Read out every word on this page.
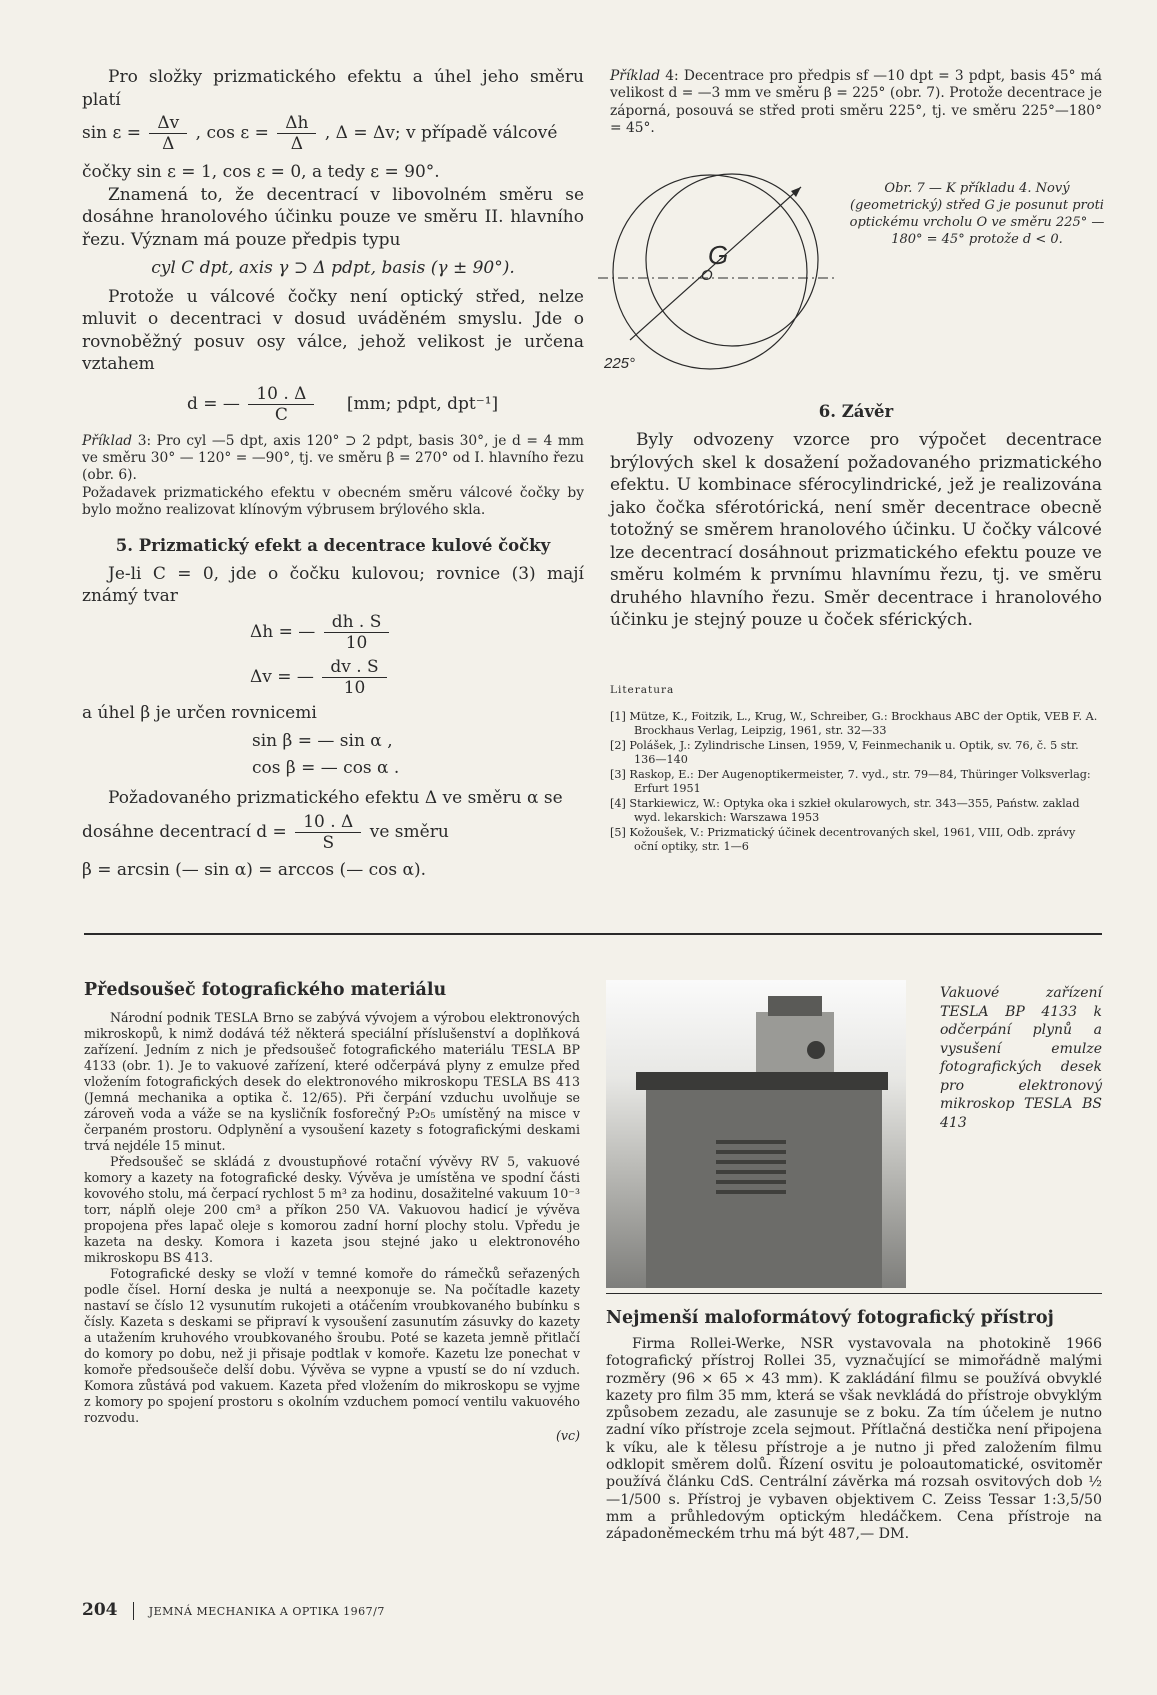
Pro složky prizmatického efektu a úhel jeho směru platí

$\sin \varepsilon = \frac{\Delta v}{\Delta}$ , $\cos \varepsilon = \frac{\Delta h}{\Delta}$ , Δ = Δv; v případě válcové

čočky sin ε = 1, cos ε = 0, a tedy ε = 90°.

Znamená to, že decentrací v libovolném směru se dosáhne hranolového účinku pouze ve směru II. hlavního řezu. Význam má pouze předpis typu

cyl C dpt, axis γ ⊃ Δ pdpt, basis (γ ± 90°).

Protože u válcové čočky není optický střed, nelze mluvit o decentraci v dosud uváděném smyslu. Jde o rovnoběžný posuv osy válce, jehož velikost je určena vztahem

d = — $\frac{10 . \Delta}{C} [mm$; pdpt, dpt⁻¹]

Příklad 3: Pro cyl —5 dpt, axis 120° ⊃ 2 pdpt, basis 30°, je d = 4 mm ve směru 30° — 120° = —90°, tj. ve směru β = 270° od I. hlavního řezu (obr. 6).

Požadavek prizmatického efektu v obecném směru válcové čočky by bylo možno realizovat klínovým výbrusem brýlového skla.

5. Prizmatický efekt a decentrace kulové čočky

Je-li C = 0, jde o čočku kulovou; rovnice (3) mají známý tvar

Δh = — $\frac{dh . S}{10}$
Δv = — $\frac{dv . S}{10}$

a úhel β je určen rovnicemi

sin β = — sin α ,

cos β = — cos α .

Požadovaného prizmatického efektu Δ ve směru α se

dosáhne decentrací $d = \frac{10 . \Delta}{S}$ ve směru

β = arcsin (— sin α) = arccos (— cos α).

Příklad 4: Decentrace pro předpis sf —10 dpt = 3 pdpt, basis 45° má velikost d = —3 mm ve směru β = 225° (obr. 7). Protože decentrace je záporná, posouvá se střed proti směru 225°, tj. ve směru 225°—180° = 45°.

G
O
225°

Obr. 7 — K příkladu 4. Nový (geometrický) střed G je posunut proti optickému vrcholu O ve směru 225° — 180° = 45° protože d < 0.

6. Závěr

Byly odvozeny vzorce pro výpočet decentrace brýlových skel k dosažení požadovaného prizmatického efektu. U kombinace sférocylindrické, jež je realizována jako čočka sférotórická, není směr decentrace obecně totožný se směrem hranolového účinku. U čočky válcové lze decentrací dosáhnout prizmatického efektu pouze ve směru kolmém k prvnímu hlavnímu řezu, tj. ve směru druhého hlavního řezu. Směr decentrace i hranolového účinku je stejný pouze u čoček sférických.

Literatura

[1] Mütze, K., Foitzik, L., Krug, W., Schreiber, G.: Brockhaus ABC der Optik, VEB F. A. Brockhaus Verlag, Leipzig, 1961, str. 32—33

[2] Polášek, J.: Zylindrische Linsen, 1959, V, Feinmechanik u. Optik, sv. 76, č. 5 str. 136—140

[3] Raskop, E.: Der Augenoptikermeister, 7. vyd., str. 79—84, Thüringer Volksverlag: Erfurt 1951

[4] Starkiewicz, W.: Optyka oka i szkieł okularowych, str. 343—355, Państw. zaklad wyd. lekarskich: Warszawa 1953

[5] Kožoušek, V.: Prizmatický účinek decentrovaných skel, 1961, VIII, Odb. zprávy oční optiky, str. 1—6

Předsoušeč fotografického materiálu

Národní podnik TESLA Brno se zabývá vývojem a výrobou elektronových mikroskopů, k nimž dodává též některá speciální příslušenství a doplňková zařízení. Jedním z nich je předsoušeč fotografického materiálu TESLA BP 4133 (obr. 1). Je to vakuové zařízení, které odčerpává plyny z emulze před vložením fotografických desek do elektronového mikroskopu TESLA BS 413 (Jemná mechanika a optika č. 12/65). Při čerpání vzduchu uvolňuje se zároveň voda a váže se na kysličník fosforečný P₂O₅ umístěný na misce v čerpaném prostoru. Odplynění a vysoušení kazety s fotografickými deskami trvá nejdéle 15 minut.

Předsoušeč se skládá z dvoustupňové rotační vývěvy RV 5, vakuové komory a kazety na fotografické desky. Vývěva je umístěna ve spodní části kovového stolu, má čerpací rychlost 5 m³ za hodinu, dosažitelné vakuum 10⁻³ torr, náplň oleje 200 cm³ a příkon 250 VA. Vakuovou hadicí je vývěva propojena přes lapač oleje s komorou zadní horní plochy stolu. Vpředu je kazeta na desky. Komora i kazeta jsou stejné jako u elektronového mikroskopu BS 413.

Fotografické desky se vloží v temné komoře do rámečků seřazených podle čísel. Horní deska je nultá a neexponuje se. Na počítadle kazety nastaví se číslo 12 vysunutím rukojeti a otáčením vroubkovaného bubínku s čísly. Kazeta s deskami se připraví k vysoušení zasunutím zásuvky do kazety a utažením kruhového vroubkovaného šroubu. Poté se kazeta jemně přitlačí do komory po dobu, než ji přisaje podtlak v komoře. Kazetu lze ponechat v komoře předsoušeče delší dobu. Vývěva se vypne a vpustí se do ní vzduch. Komora zůstává pod vakuem. Kazeta před vložením do mikroskopu se vyjme z komory po spojení prostoru s okolním vzduchem pomocí ventilu vakuového rozvodu.

(vc)

Vakuové zařízení TESLA BP 4133 k odčerpání plynů a vysušení emulze fotografických desek pro elektronový mikroskop TESLA BS 413

Nejmenší maloformátový fotografický přístroj

Firma Rollei-Werke, NSR vystavovala na photokině 1966 fotografický přístroj Rollei 35, vyznačující se mimořádně malými rozměry (96 × 65 × 43 mm). K zakládání filmu se používá obvyklé kazety pro film 35 mm, která se však nevkládá do přístroje obvyklým způsobem zezadu, ale zasunuje se z boku. Za tím účelem je nutno zadní víko přístroje zcela sejmout. Přítlačná destička není připojena k víku, ale k tělesu přístroje a je nutno ji před založením filmu odklopit směrem dolů. Řízení osvitu je poloautomatické, osvitoměr používá článku CdS. Centrální závěrka má rozsah osvitových dob ½—1/500 s. Přístroj je vybaven objektivem C. Zeiss Tessar 1:3,5/50 mm a průhledovým optickým hledáčkem. Cena přístroje na západoněmeckém trhu má být 487,— DM.

204	JEMNÁ MECHANIKA A OPTIKA 1967/7
